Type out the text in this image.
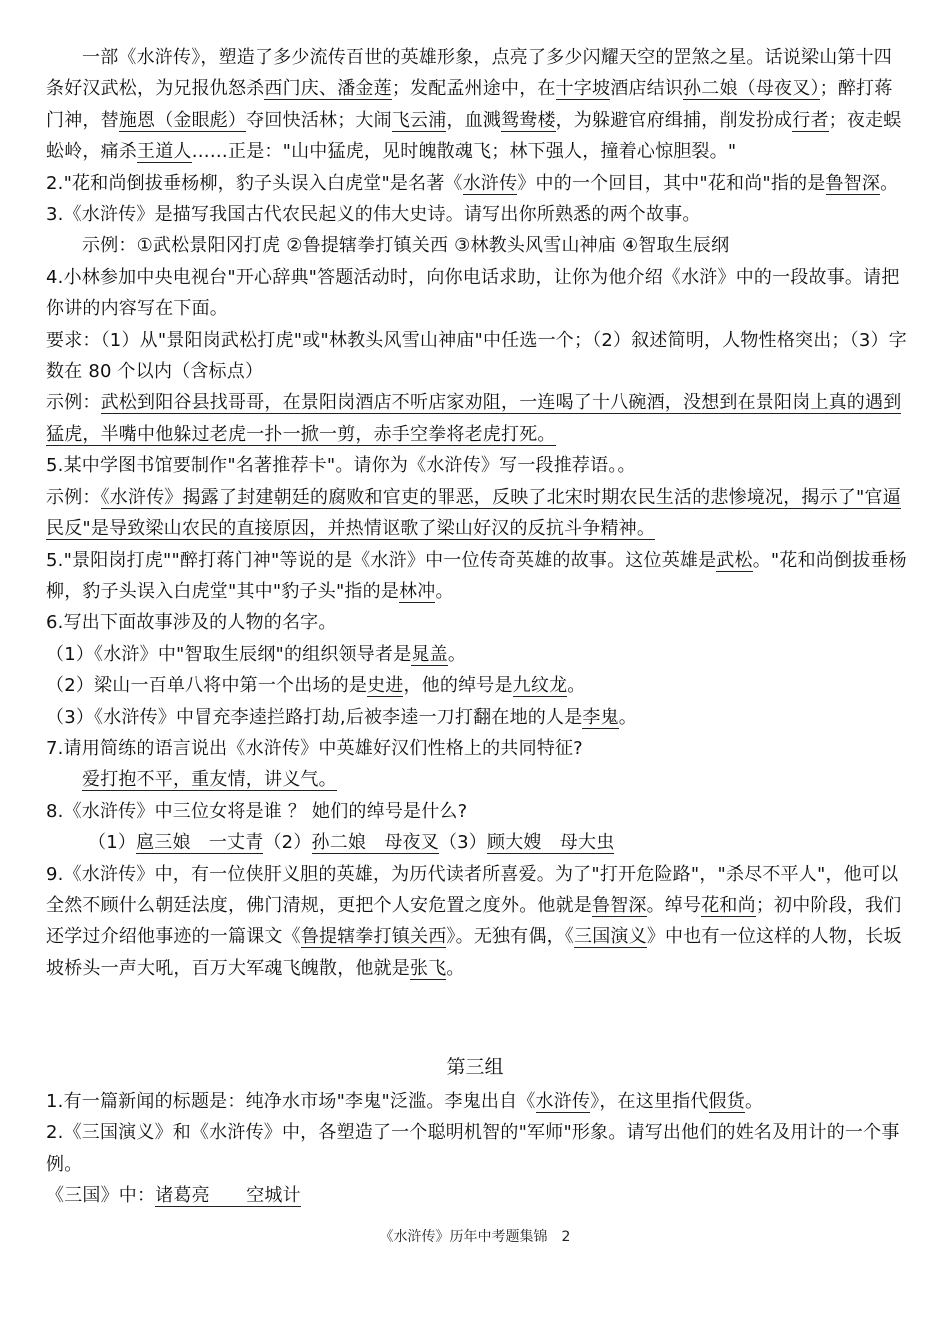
一部《水浒传》，塑造了多少流传百世的英雄形象，点亮了多少闪耀天空的罡煞之星。话说梁山第十四条好汉武松，为兄报仇怒杀西门庆、潘金莲；发配孟州途中，在十字坡酒店结识孙二娘（母夜叉）；醉打蒋门神，替施恩（金眼彪）夺回快活林；大闹飞云浦，血溅鸳鸯楼，为躲避官府缉捕，削发扮成行者；夜走蜈蚣岭，痛杀王道人……正是："山中猛虎，见时魄散魂飞；林下强人，撞着心惊胆裂。"

2."花和尚倒拔垂杨柳，豹子头误入白虎堂"是名著《水浒传》中的一个回目，其中"花和尚"指的是鲁智深。

3.《水浒传》是描写我国古代农民起义的伟大史诗。请写出你所熟悉的两个故事。

示例：①武松景阳冈打虎 ②鲁提辖拳打镇关西 ③林教头风雪山神庙 ④智取生辰纲

4.小林参加中央电视台"开心辞典"答题活动时，向你电话求助，让你为他介绍《水浒》中的一段故事。请把你讲的内容写在下面。

要求：（1）从"景阳岗武松打虎"或"林教头风雪山神庙"中任选一个；（2）叙述简明，人物性格突出；（3）字数在 80 个以内（含标点）

示例：武松到阳谷县找哥哥，在景阳岗酒店不听店家劝阻，一连喝了十八碗酒，没想到在景阳岗上真的遇到猛虎，半嘴中他躲过老虎一扑一掀一剪，赤手空拳将老虎打死。

5.某中学图书馆要制作"名著推荐卡"。请你为《水浒传》写一段推荐语。。

示例：《水浒传》揭露了封建朝廷的腐败和官吏的罪恶，反映了北宋时期农民生活的悲惨境况，揭示了"官逼民反"是导致梁山农民的直接原因，并热情讴歌了梁山好汉的反抗斗争精神。

5."景阳岗打虎""醉打蒋门神"等说的是《水浒》中一位传奇英雄的故事。这位英雄是武松。"花和尚倒拔垂杨柳，豹子头误入白虎堂"其中"豹子头"指的是林冲。

6.写出下面故事涉及的人物的名字。

（1）《水浒》中"智取生辰纲"的组织领导者是晁盖。

（2）梁山一百单八将中第一个出场的是史进，他的绰号是九纹龙。

（3）《水浒传》中冒充李逵拦路打劫,后被李逵一刀打翻在地的人是李鬼。

7.请用简练的语言说出《水浒传》中英雄好汉们性格上的共同特征?

爱打抱不平，重友情，讲义气。

8.《水浒传》中三位女将是谁 ？ 她们的绰号是什么?

（1）扈三娘　一丈青（2）孙二娘　母夜叉（3）顾大嫂　母大虫

9.《水浒传》中，有一位侠肝义胆的英雄，为历代读者所喜爱。为了"打开危险路"，"杀尽不平人"，他可以全然不顾什么朝廷法度，佛门清规，更把个人安危置之度外。他就是鲁智深。绰号花和尚；初中阶段，我们还学过介绍他事迹的一篇课文《鲁提辖拳打镇关西》。无独有偶，《三国演义》中也有一位这样的人物，长坂坡桥头一声大吼，百万大军魂飞魄散，他就是张飞。

第三组

1.有一篇新闻的标题是：纯净水市场"李鬼"泛滥。李鬼出自《水浒传》，在这里指代假货。

2.《三国演义》和《水浒传》中，各塑造了一个聪明机智的"军师"形象。请写出他们的姓名及用计的一个事例。

《三国》中：诸葛亮　　空城计

《水浒传》历年中考题集锦 2
